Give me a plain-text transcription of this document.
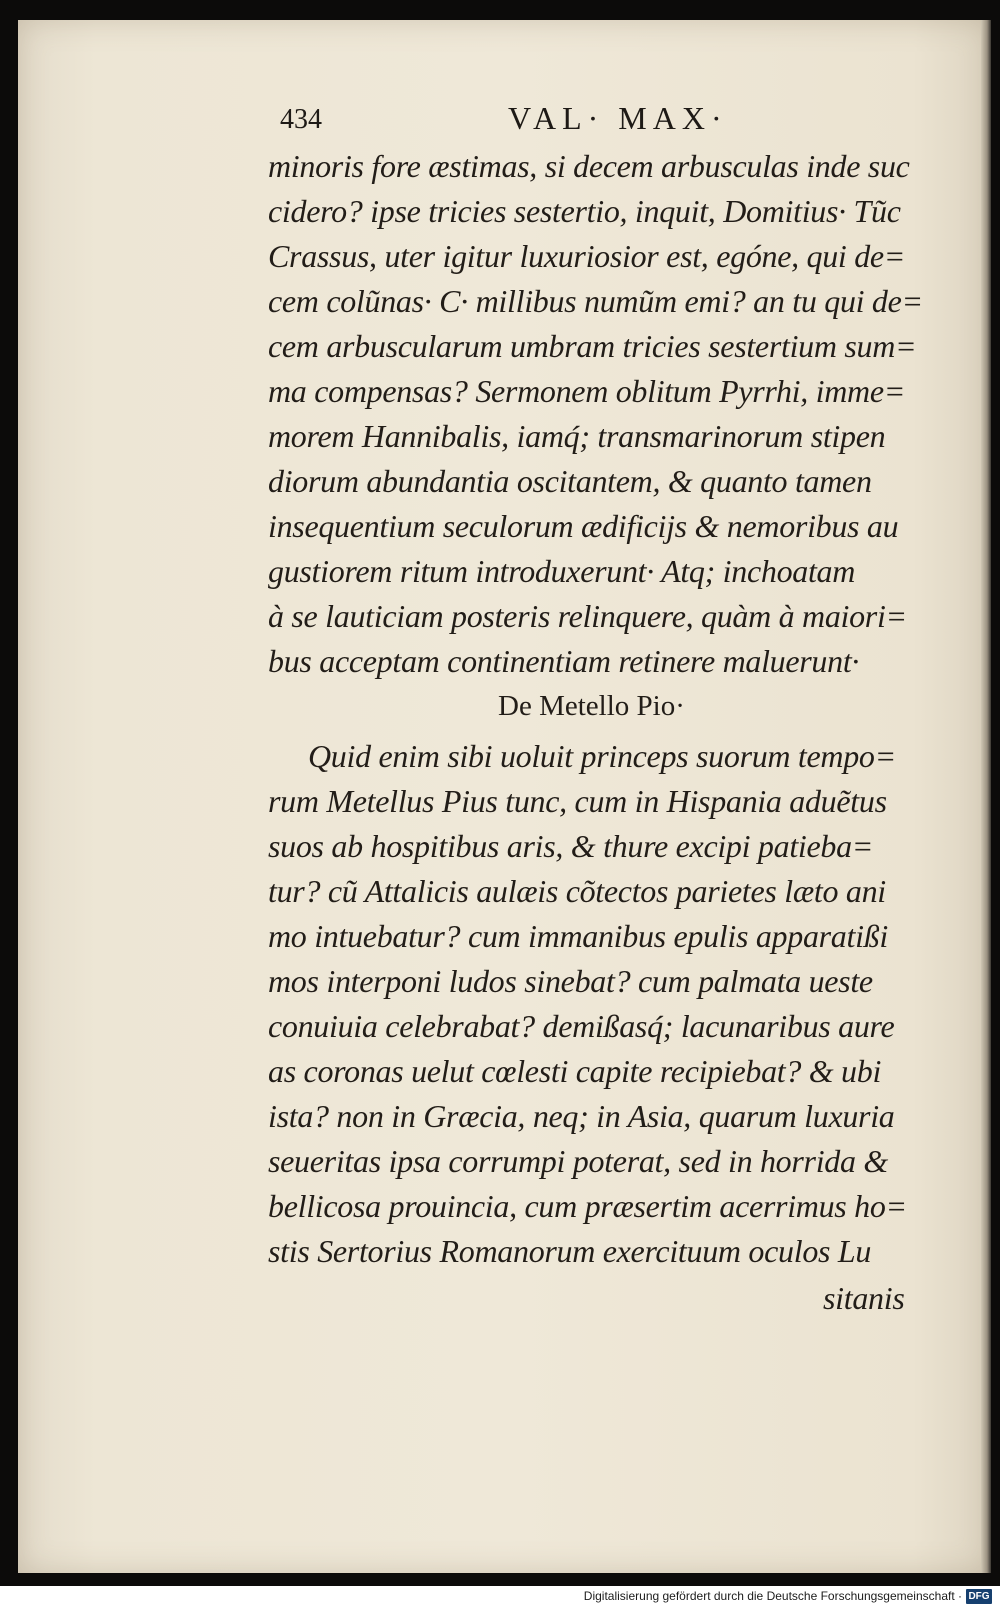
434	VAL· MAX·
minoris fore æstimas, si decem arbusculas inde suc
cidero? ipse tricies sestertio, inquit, Domitius· Tũc
Crassus, uter igitur luxuriosior est, egóne, qui de=
cem colũnas· C· millibus numũm emi? an tu qui de=
cem arbuscularum umbram tricies sestertium sum=
ma compensas? Sermonem oblitum Pyrrhi, imme=
morem Hannibalis, iamq́; transmarinorum stipen
diorum abundantia oscitantem, & quanto tamen
insequentium seculorum ædificijs & nemoribus au
gustiorem ritum introduxerunt· Atq; inchoatam
à se lauticiam posteris relinquere, quàm à maiori=
bus acceptam continentiam retinere maluerunt·
De Metello Pio·
Quid enim sibi uoluit princeps suorum tempo=
rum Metellus Pius tunc, cum in Hispania aduẽtus
suos ab hospitibus aris, & thure excipi patieba=
tur? cũ Attalicis aulæis cõtectos parietes læto ani
mo intuebatur? cum immanibus epulis apparatißi
mos interponi ludos sinebat? cum palmata ueste
conuiuia celebrabat? demißasq́; lacunaribus aure
as coronas uelut cœlesti capite recipiebat? & ubi
ista? non in Græcia, neq; in Asia, quarum luxuria
seueritas ipsa corrumpi poterat, sed in horrida &
bellicosa prouincia, cum præsertim acerrimus ho=
stis Sertorius Romanorum exercituum oculos Lu
sitanis
Digitalisierung gefördert durch die Deutsche Forschungsgemeinschaft · DFG
